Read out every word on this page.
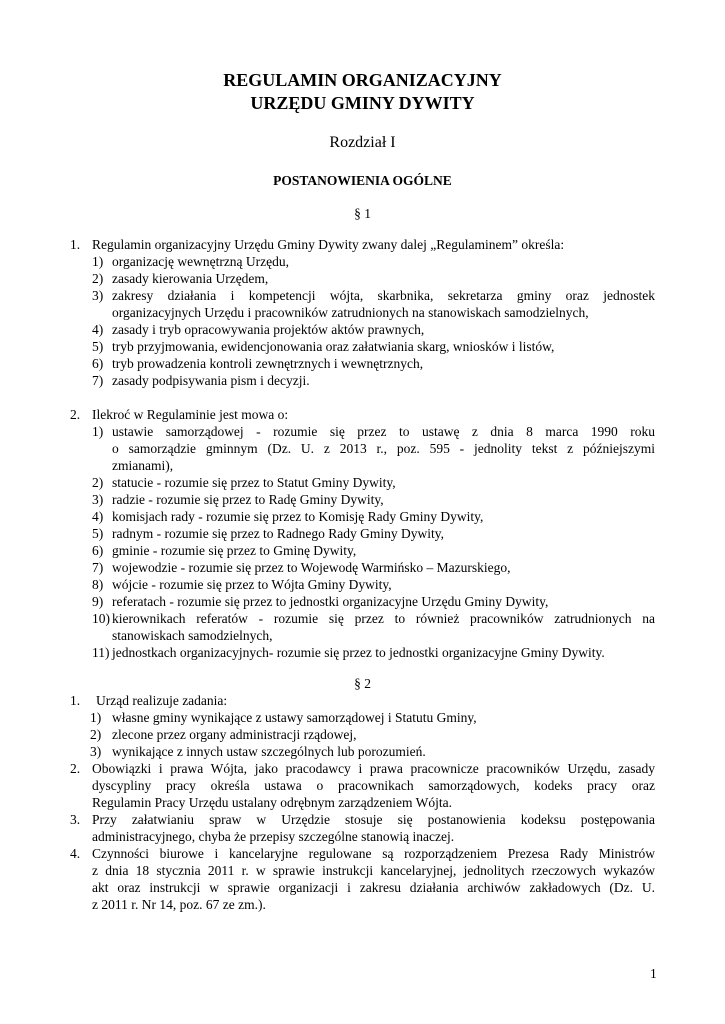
REGULAMIN ORGANIZACYJNY
URZĘDU GMINY DYWITY
Rozdział I
POSTANOWIENIA OGÓLNE
§ 1
1. Regulamin organizacyjny Urzędu Gminy Dywity zwany dalej „Regulaminem” określa:
1) organizację wewnętrzną Urzędu,
2) zasady kierowania Urzędem,
3) zakresy działania i kompetencji wójta, skarbnika, sekretarza gminy oraz jednostek
organizacyjnych Urzędu i pracowników zatrudnionych na stanowiskach samodzielnych,
4) zasady i tryb opracowywania projektów aktów prawnych,
5) tryb przyjmowania, ewidencjonowania oraz załatwiania skarg, wniosków i listów,
6) tryb prowadzenia kontroli zewnętrznych i wewnętrznych,
7) zasady podpisywania pism i decyzji.
2. Ilekroć w Regulaminie jest mowa o:
1) ustawie samorządowej - rozumie się przez to ustawę z dnia 8 marca 1990 roku
o samorządzie gminnym (Dz. U. z 2013 r., poz. 595 - jednolity tekst z późniejszymi
zmianami),
2) statucie - rozumie się przez to Statut Gminy Dywity,
3) radzie - rozumie się przez to Radę Gminy Dywity,
4) komisjach rady - rozumie się przez to Komisję Rady Gminy Dywity,
5) radnym - rozumie się przez to Radnego Rady Gminy Dywity,
6) gminie - rozumie się przez to Gminę Dywity,
7) wojewodzie - rozumie się przez to Wojewodę Warmińsko – Mazurskiego,
8) wójcie - rozumie się przez to Wójta Gminy Dywity,
9) referatach - rozumie się przez to jednostki organizacyjne Urzędu Gminy Dywity,
10) kierownikach referatów - rozumie się przez to również pracowników zatrudnionych na
stanowiskach samodzielnych,
11) jednostkach organizacyjnych- rozumie się przez to jednostki organizacyjne Gminy Dywity.
§ 2
1. Urząd realizuje zadania:
1) własne gminy wynikające z ustawy samorządowej i Statutu Gminy,
2) zlecone przez organy administracji rządowej,
3) wynikające z innych ustaw szczególnych lub porozumień.
2. Obowiązki i prawa Wójta, jako pracodawcy i prawa pracownicze pracowników Urzędu, zasady
dyscypliny pracy określa ustawa o pracownikach samorządowych, kodeks pracy oraz
Regulamin Pracy Urzędu ustalany odrębnym zarządzeniem Wójta.
3. Przy załatwianiu spraw w Urzędzie stosuje się postanowienia kodeksu postępowania
administracyjnego, chyba że przepisy szczególne stanowią inaczej.
4. Czynności biurowe i kancelaryjne regulowane są rozporządzeniem Prezesa Rady Ministrów
z dnia 18 stycznia 2011 r. w sprawie instrukcji kancelaryjnej, jednolitych rzeczowych wykazów
akt oraz instrukcji w sprawie organizacji i zakresu działania archiwów zakładowych (Dz. U.
z 2011 r. Nr 14, poz. 67 ze zm.).
1
